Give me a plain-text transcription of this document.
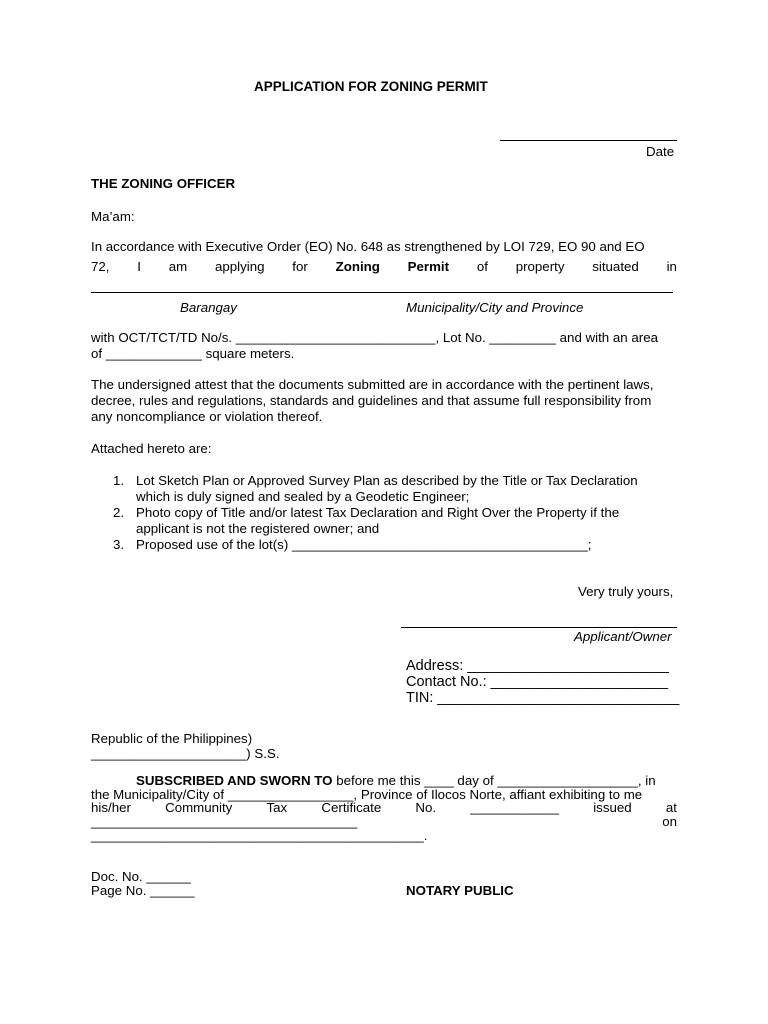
APPLICATION FOR ZONING PERMIT
Date
THE ZONING OFFICER
Ma’am:
In accordance with Executive Order (EO) No. 648 as strengthened by LOI 729, EO 90 and EO
72, I am applying for Zoning Permit of property situated in
Barangay	Municipality/City and Province
with OCT/TCT/TD No/s. ___________________________, Lot No. _________ and with an area
of _____________ square meters.
The undersigned attest that the documents submitted are in accordance with the pertinent laws,
decree, rules and regulations, standards and guidelines and that assume full responsibility from
any noncompliance or violation thereof.
Attached hereto are:
1. Lot Sketch Plan or Approved Survey Plan as described by the Title or Tax Declaration
which is duly signed and sealed by a Geodetic Engineer;
2. Photo copy of Title and/or latest Tax Declaration and Right Over the Property if the
applicant is not the registered owner; and
3. Proposed use of the lot(s) ________________________________________;
Very truly yours,
Applicant/Owner
Address: _________________________
Contact No.: ______________________
TIN: ______________________________
Republic of the Philippines)
_____________________) S.S.
SUBSCRIBED AND SWORN TO before me this ____ day of ___________________, in
the Municipality/City of _________________, Province of Ilocos Norte, affiant exhibiting to me
his/her	Community	Tax	Certificate	No.	____________	issued	at
____________________________________	on
_____________________________________________.
Doc. No. ______
Page No. ______	NOTARY PUBLIC
